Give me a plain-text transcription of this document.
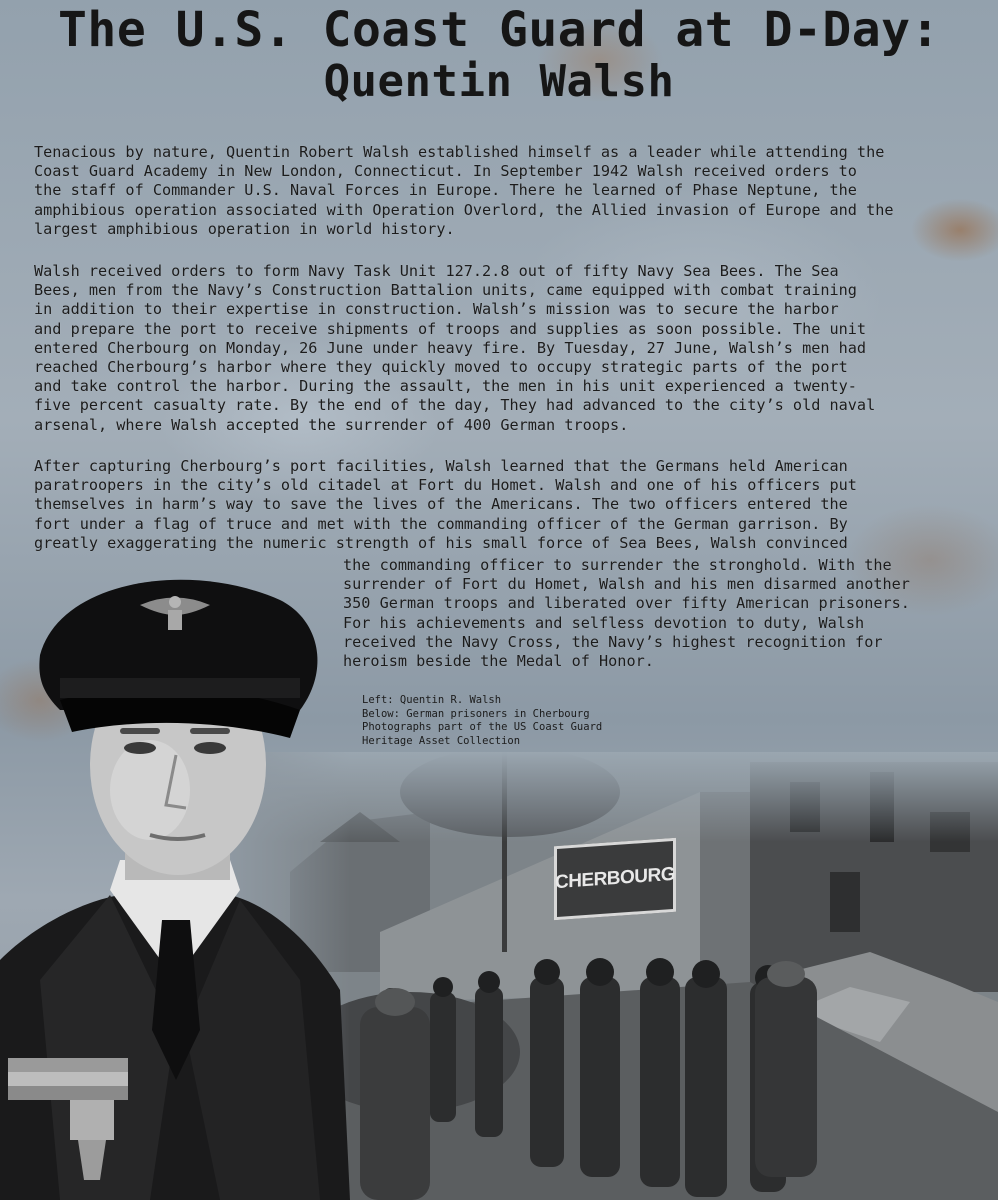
The U.S. Coast Guard at D-Day:
Quentin Walsh

Tenacious by nature, Quentin Robert Walsh established himself as a leader while attending the
Coast Guard Academy in New London, Connecticut. In September 1942 Walsh received orders to
the staff of Commander U.S. Naval Forces in Europe. There he learned of Phase Neptune, the
amphibious operation associated with Operation Overlord, the Allied invasion of Europe and the
largest amphibious operation in world history.

Walsh received orders to form Navy Task Unit 127.2.8 out of fifty Navy Sea Bees. The Sea
Bees, men from the Navy’s Construction Battalion units, came equipped with combat training
in addition to their expertise in construction. Walsh’s mission was to secure the harbor
and prepare the port to receive shipments of troops and supplies as soon possible. The unit
entered Cherbourg on Monday, 26 June under heavy fire. By Tuesday, 27 June, Walsh’s men had
reached Cherbourg’s harbor where they quickly moved to occupy strategic parts of the port
and take control the harbor. During the assault, the men in his unit experienced a twenty-
five percent casualty rate. By the end of the day, They had advanced to the city’s old naval
arsenal, where Walsh accepted the surrender of 400 German troops.

After capturing Cherbourg’s port facilities, Walsh learned that the Germans held American
paratroopers in the city’s old citadel at Fort du Homet. Walsh and one of his officers put
themselves in harm’s way to save the lives of the Americans. The two officers entered the
fort under a flag of truce and met with the commanding officer of the German garrison. By
greatly exaggerating the numeric strength of his small force of Sea Bees, Walsh convinced

the commanding officer to surrender the stronghold. With the
surrender of Fort du Homet, Walsh and his men disarmed another
350 German troops and liberated over fifty American prisoners.
For his achievements and selfless devotion to duty, Walsh
received the Navy Cross, the Navy’s highest recognition for
heroism beside the Medal of Honor.

Left: Quentin R. Walsh
Below: German prisoners in Cherbourg
Photographs part of the US Coast Guard
Heritage Asset Collection

CHERBOURG
